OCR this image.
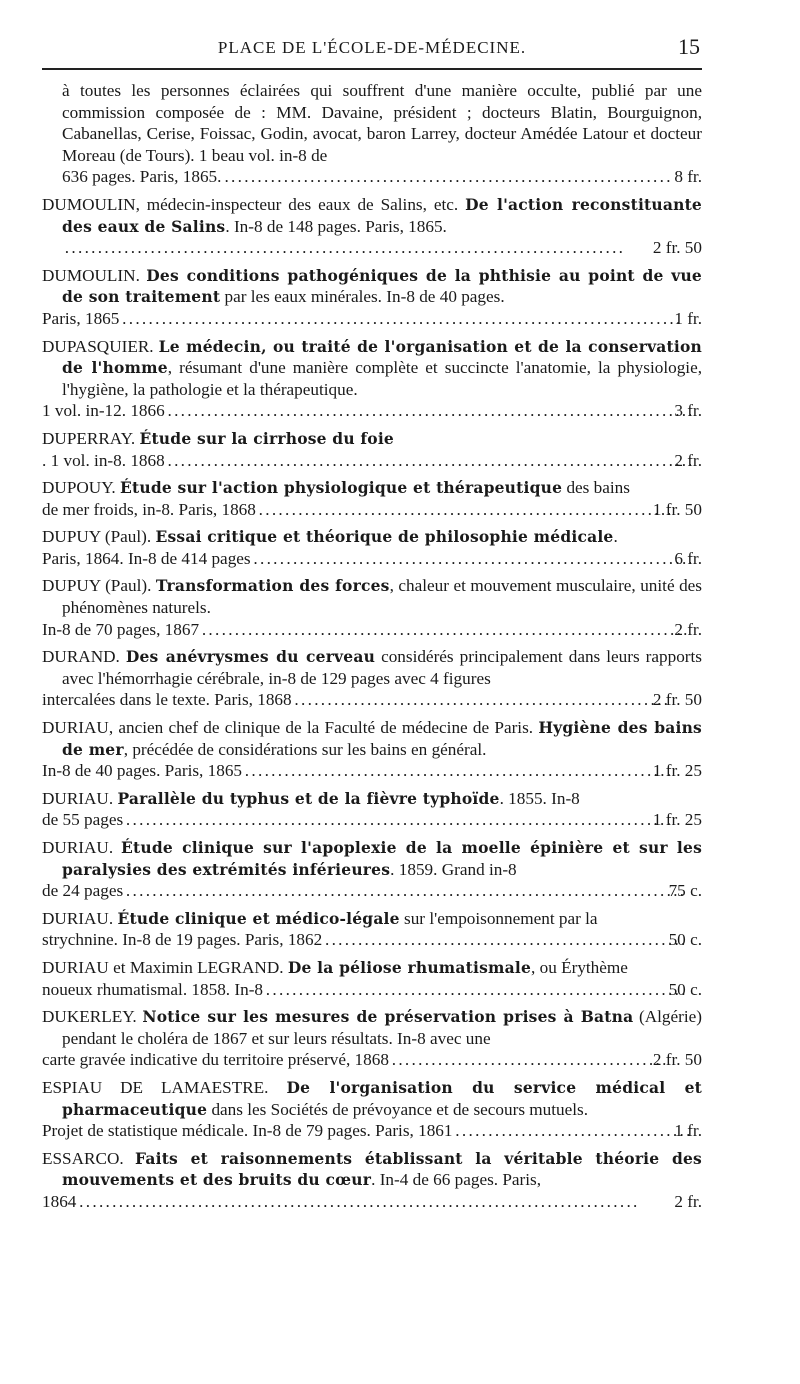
PLACE DE L'ÉCOLE-DE-MÉDECINE.	15
à toutes les personnes éclairées qui souffrent d'une manière occulte, publié par une commission composée de : MM. Davaine, président ; docteurs Blatin, Bourguignon, Cabanellas, Cerise, Foissac, Godin, avocat, baron Larrey, docteur Amédée Latour et docteur Moreau (de Tours). 1 beau vol. in-8 de
636 pages. Paris, 1865. . . .	8 fr.
DUMOULIN, médecin-inspecteur des eaux de Salins, etc. De l'action reconstituante des eaux de Salins. In-8 de 148 pages. Paris, 1865.
. . .
2 fr. 50
DUMOULIN. Des conditions pathogéniques de la phthisie au point de vue de son traitement par les eaux minérales. In-8 de 40 pages.
Paris, 1865 . . .	1 fr.
DUPASQUIER. Le médecin, ou traité de l'organisation et de la conservation de l'homme, résumant d'une manière complète et succincte l'anatomie, la physiologie, l'hygiène, la pathologie et la thérapeutique.
1 vol. in-12. 1866 . . .	3 fr.
DUPERRAY. Étude sur la cirrhose du foie
. 1 vol. in-8. 1868 . . .	2 fr.
DUPOUY. Étude sur l'action physiologique et thérapeutique des bains
de mer froids, in-8. Paris, 1868 . . .	1 fr. 50
DUPUY (Paul). Essai critique et théorique de philosophie médicale.
Paris, 1864. In-8 de 414 pages . . .	6 fr.
DUPUY (Paul). Transformation des forces, chaleur et mouvement musculaire, unité des phénomènes naturels.
In-8 de 70 pages, 1867 . . .	2 fr.
DURAND. Des anévrysmes du cerveau considérés principalement dans leurs rapports avec l'hémorrhagie cérébrale, in-8 de 129 pages avec 4 figures
intercalées dans le texte. Paris, 1868 . . .	2 fr. 50
DURIAU, ancien chef de clinique de la Faculté de médecine de Paris. Hygiène des bains de mer, précédée de considérations sur les bains en général.
In-8 de 40 pages. Paris, 1865 . . .	1 fr. 25
DURIAU. Parallèle du typhus et de la fièvre typhoïde. 1855. In-8
de 55 pages . . .	1 fr. 25
DURIAU. Étude clinique sur l'apoplexie de la moelle épinière et sur les paralysies des extrémités inférieures. 1859. Grand in-8
de 24 pages . . .	75 c.
DURIAU. Étude clinique et médico-légale sur l'empoisonnement par la
strychnine. In-8 de 19 pages. Paris, 1862 . . .	50 c.
DURIAU et Maximin LEGRAND. De la péliose rhumatismale, ou Érythème
noueux rhumatismal. 1858. In-8 . . .	50 c.
DUKERLEY. Notice sur les mesures de préservation prises à Batna (Algérie) pendant le choléra de 1867 et sur leurs résultats. In-8 avec une
carte gravée indicative du territoire préservé, 1868 . . .	2 fr. 50
ESPIAU DE LAMAESTRE. De l'organisation du service médical et pharmaceutique dans les Sociétés de prévoyance et de secours mutuels.
Projet de statistique médicale. In-8 de 79 pages. Paris, 1861 . . .	1 fr.
ESSARCO. Faits et raisonnements établissant la véritable théorie des mouvements et des bruits du cœur. In-4 de 66 pages. Paris,
1864 . . .	2 fr.
